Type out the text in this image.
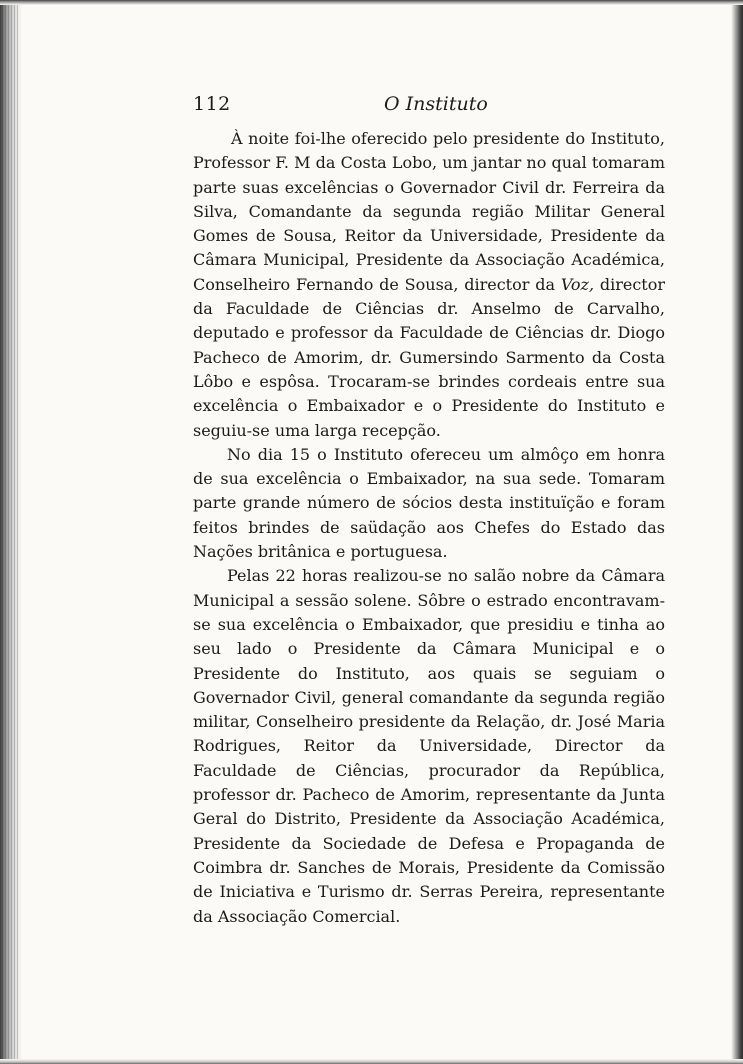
112	O Instituto

À noite foi-lhe oferecido pelo presidente do Instituto, Professor F. M da Costa Lobo, um jantar no qual tomaram parte suas excelências o Governador Civil dr. Ferreira da Silva, Comandante da segunda região Militar General Gomes de Sousa, Reitor da Universidade, Presidente da Câmara Municipal, Presidente da Associação Académica, Conselheiro Fernando de Sousa, director da Voz, director da Faculdade de Ciências dr. Anselmo de Carvalho, deputado e professor da Faculdade de Ciências dr. Diogo Pacheco de Amorim, dr. Gumersindo Sarmento da Costa Lôbo e espôsa. Trocaram-se brindes cordeais entre sua excelência o Embaixador e o Presidente do Instituto e seguiu-se uma larga recepção.

No dia 15 o Instituto ofereceu um almôço em honra de sua excelência o Embaixador, na sua sede. Tomaram parte grande número de sócios desta instituïção e foram feitos brindes de saüdação aos Chefes do Estado das Nações britânica e portuguesa.

Pelas 22 horas realizou-se no salão nobre da Câmara Municipal a sessão solene. Sôbre o estrado encontravam-se sua excelência o Embaixador, que presidiu e tinha ao seu lado o Presidente da Câmara Municipal e o Presidente do Instituto, aos quais se seguiam o Governador Civil, general comandante da segunda região militar, Conselheiro presidente da Relação, dr. José Maria Rodrigues, Reitor da Universidade, Director da Faculdade de Ciências, procurador da República, professor dr. Pacheco de Amorim, representante da Junta Geral do Distrito, Presidente da Associação Académica, Presidente da Sociedade de Defesa e Propaganda de Coimbra dr. Sanches de Morais, Presidente da Comissão de Iniciativa e Turismo dr. Serras Pereira, representante da Associação Comercial.
